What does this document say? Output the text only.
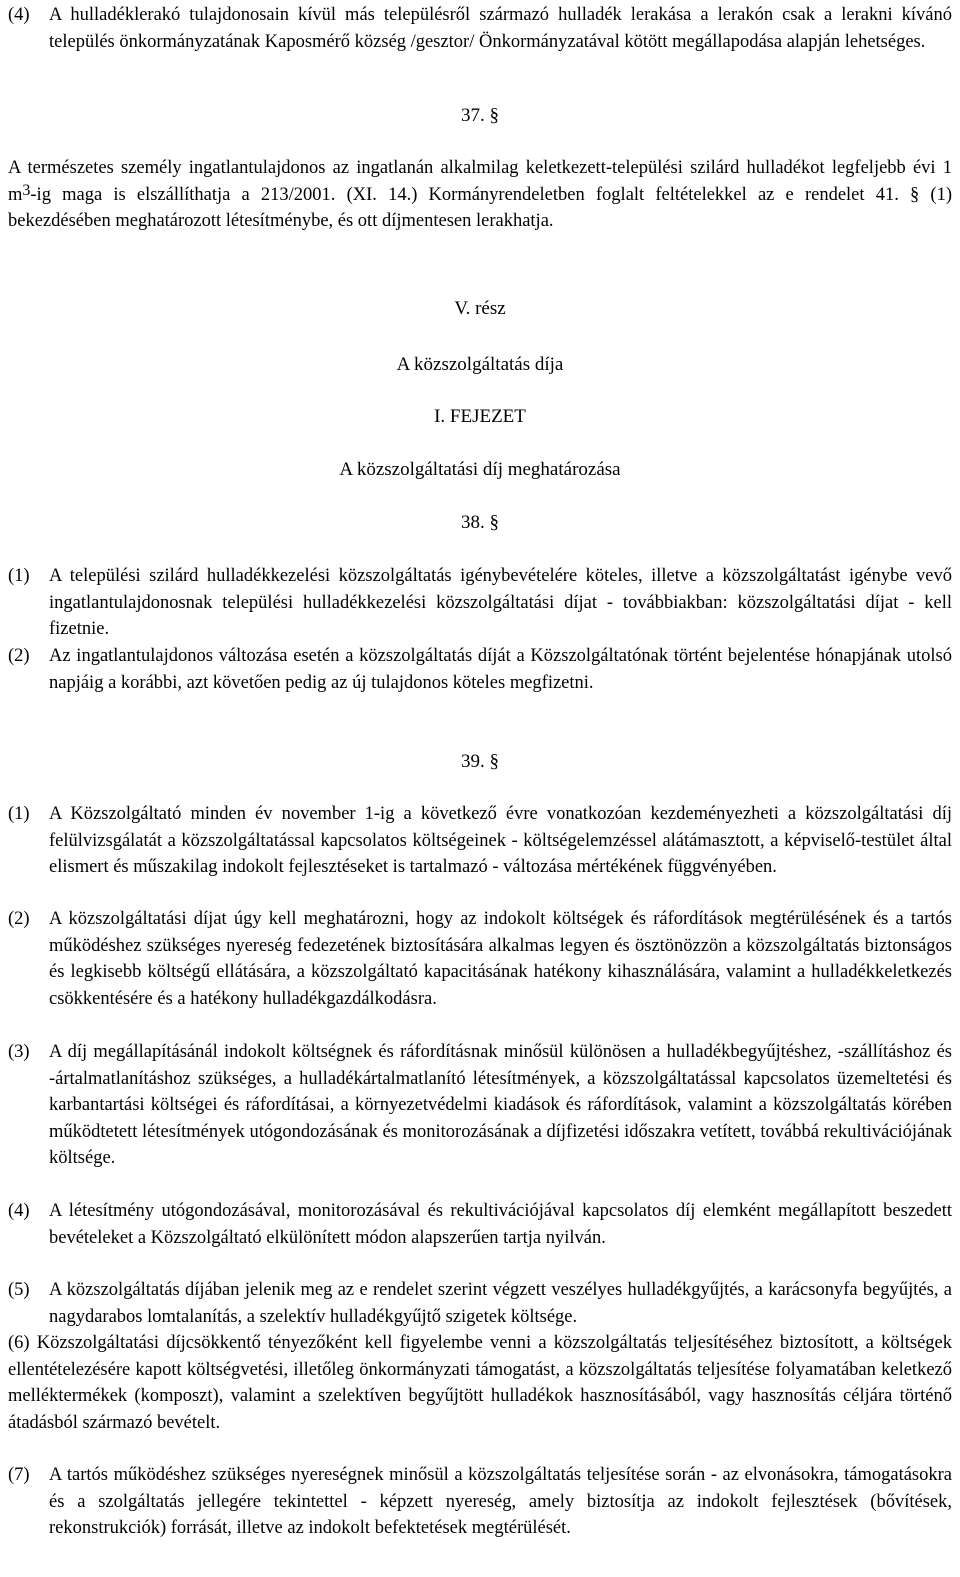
(4)	A hulladéklerakó tulajdonosain kívül más településről származó hulladék lerakása a lerakón csak a lerakni kívánó település önkormányzatának Kaposmérő község /gesztor/ Önkormányzatával kötött megállapodása alapján lehetséges.
37. §
A természetes személy ingatlantulajdonos az ingatlanán alkalmilag keletkezett-települési szilárd hulladékot legfeljebb évi 1 $m^3-ig$ maga is elszállíthatja a 213/2001. (XI. 14.) Kormányrendeletben foglalt feltételekkel az e rendelet 41. § (1) bekezdésében meghatározott létesítménybe, és ott díjmentesen lerakhatja.
V. rész
A közszolgáltatás díja
I. FEJEZET
A közszolgáltatási díj meghatározása
38. §
(1)	A települési szilárd hulladékkezelési közszolgáltatás igénybevételére köteles, illetve a közszolgáltatást igénybe vevő ingatlantulajdonosnak települési hulladékkezelési közszolgáltatási díjat - továbbiakban: közszolgáltatási díjat - kell fizetnie.
(2)	Az ingatlantulajdonos változása esetén a közszolgáltatás díját a Közszolgáltatónak történt bejelentése hónapjának utolsó napjáig a korábbi, azt követően pedig az új tulajdonos köteles megfizetni.
39. §
(1)	A Közszolgáltató minden év november 1-ig a következő évre vonatkozóan kezdeményezheti a közszolgáltatási díj felülvizsgálatát a közszolgáltatással kapcsolatos költségeinek - költségelemzéssel alátámasztott, a képviselő-testület által elismert és műszakilag indokolt fejlesztéseket is tartalmazó - változása mértékének függvényében.
(2)	A közszolgáltatási díjat úgy kell meghatározni, hogy az indokolt költségek és ráfordítások megtérülésének és a tartós működéshez szükséges nyereség fedezetének biztosítására alkalmas legyen és ösztönözzön a közszolgáltatás biztonságos és legkisebb költségű ellátására, a közszolgáltató kapacitásának hatékony kihasználására, valamint a hulladékkeletkezés csökkentésére és a hatékony hulladékgazdálkodásra.
(3)	A díj megállapításánál indokolt költségnek és ráfordításnak minősül különösen a hulladékbegyűjtéshez, -szállításhoz és -ártalmatlanításhoz szükséges, a hulladékártalmatlanító létesítmények, a közszolgáltatással kapcsolatos üzemeltetési és karbantartási költségei és ráfordításai, a környezetvédelmi kiadások és ráfordítások, valamint a közszolgáltatás körében működtetett létesítmények utógondozásának és monitorozásának a díjfizetési időszakra vetített, továbbá rekultivációjának költsége.
(4)	A létesítmény utógondozásával, monitorozásával és rekultivációjával kapcsolatos díj elemként megállapított beszedett bevételeket a Közszolgáltató elkülönített módon alapszerűen tartja nyilván.
(5)	A közszolgáltatás díjában jelenik meg az e rendelet szerint végzett veszélyes hulladékgyűjtés, a karácsonyfa begyűjtés, a nagydarabos lomtalanítás, a szelektív hulladékgyűjtő szigetek költsége.
(6) Közszolgáltatási díjcsökkentő tényezőként kell figyelembe venni a közszolgáltatás teljesítéséhez biztosított, a költségek ellentételezésére kapott költségvetési, illetőleg önkormányzati támogatást, a közszolgáltatás teljesítése folyamatában keletkező melléktermékek (komposzt), valamint a szelektíven begyűjtött hulladékok hasznosításából, vagy hasznosítás céljára történő átadásból származó bevételt.
(7)	A tartós működéshez szükséges nyereségnek minősül a közszolgáltatás teljesítése során - az elvonásokra, támogatásokra és a szolgáltatás jellegére tekintettel - képzett nyereség, amely biztosítja az indokolt fejlesztések (bővítések, rekonstrukciók) forrását, illetve az indokolt befektetések megtérülését.
